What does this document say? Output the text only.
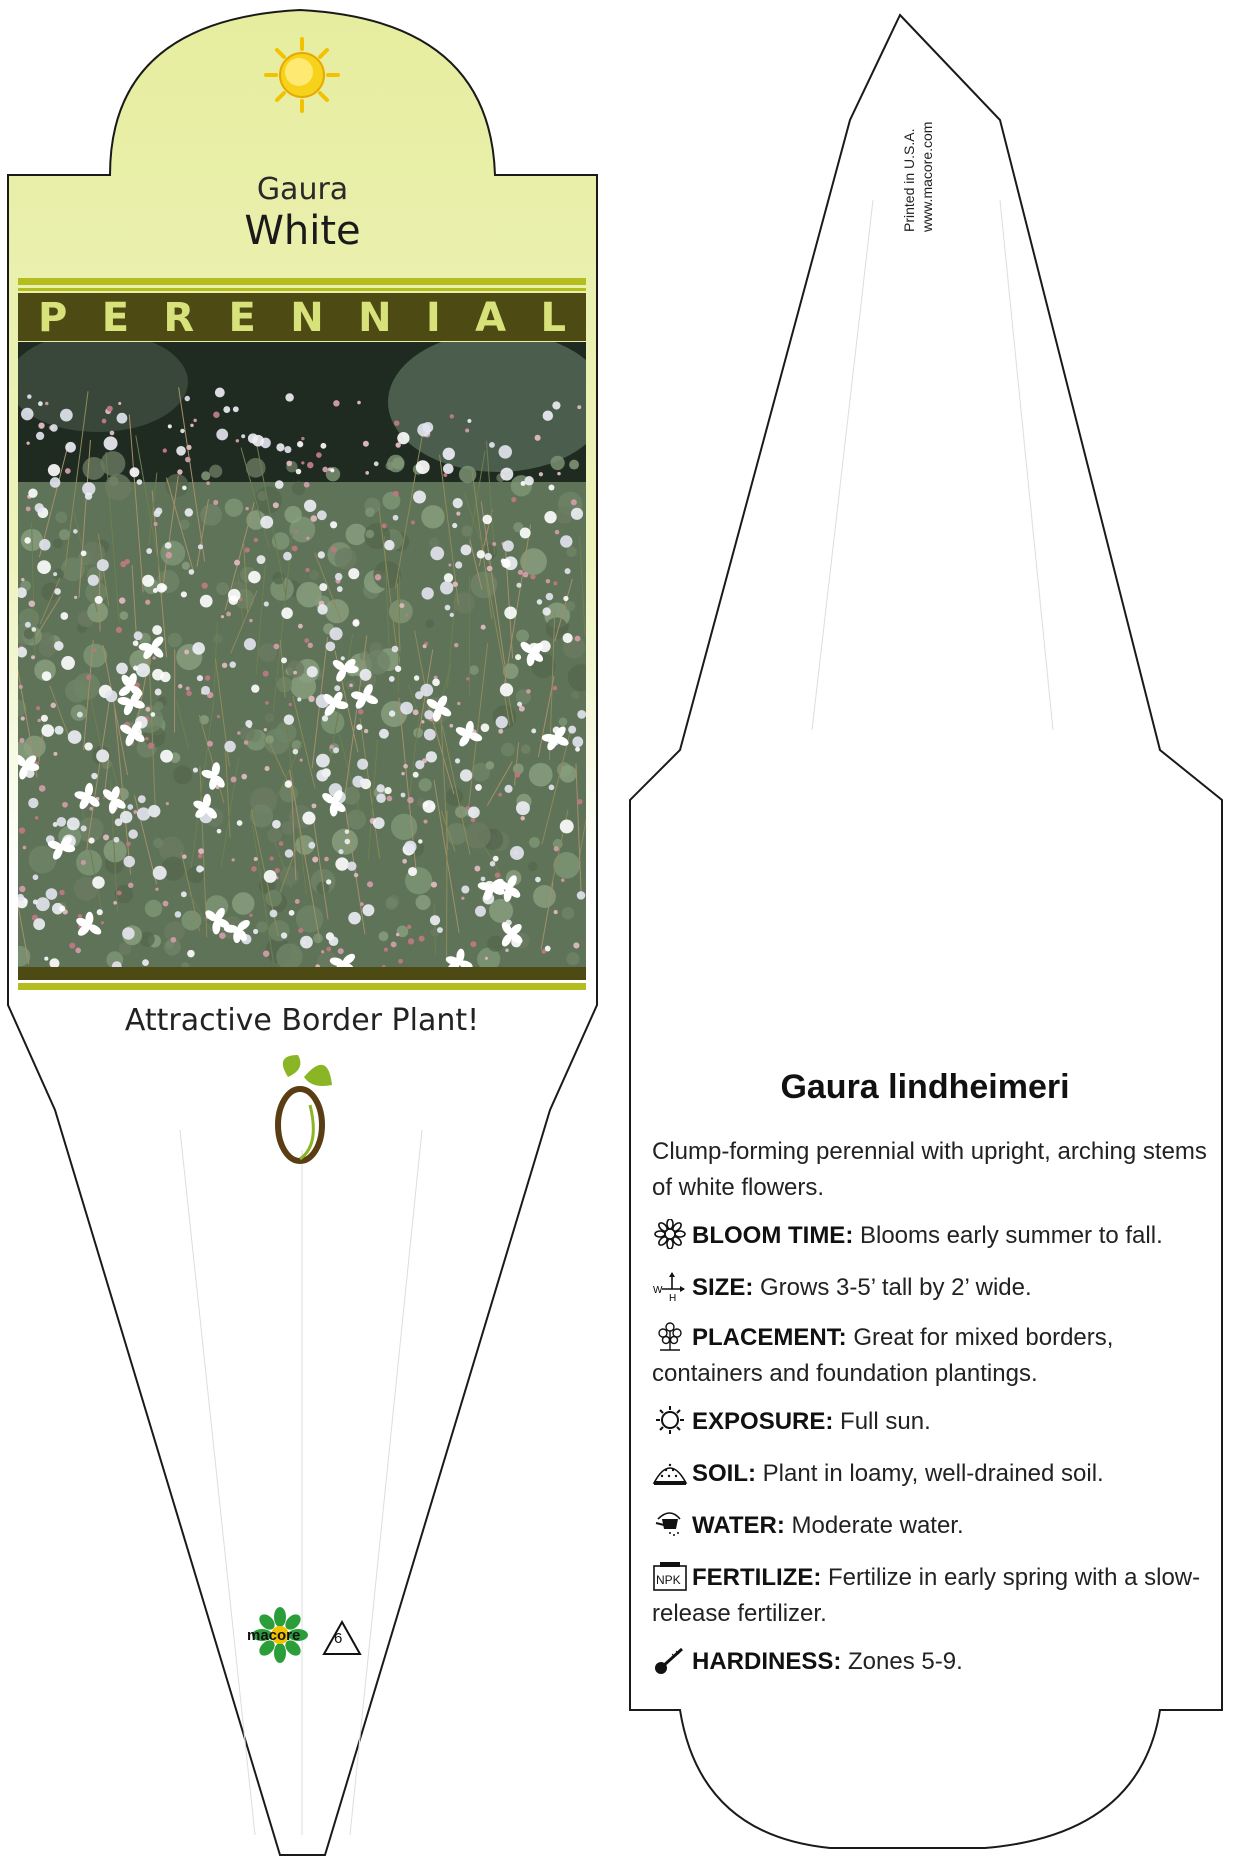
Gaura
White
P E R E N N I A L
Attractive Border Plant!
macore 6
Printed in U.S.A. www.macore.com
Gaura lindheimeri
Clump-forming perennial with upright, arching stems of white flowers.
BLOOM TIME: Blooms early summer to fall.
W
H SIZE: Grows 3-5’ tall by 2’ wide.
PLACEMENT: Great for mixed borders, containers and foundation plantings.
EXPOSURE: Full sun.
SOIL: Plant in loamy, well-drained soil.
WATER: Moderate water.
NPK FERTILIZE: Fertilize in early spring with a slow-release fertilizer.
HARDINESS: Zones 5-9.
